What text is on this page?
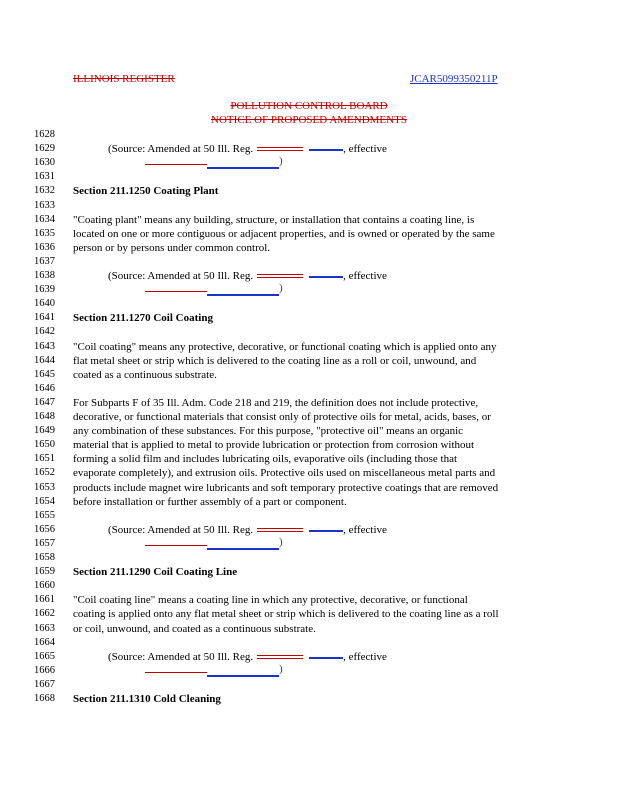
ILLINOIS REGISTER	JCAR5099350211P
POLLUTION CONTROL BOARD
NOTICE OF PROPOSED AMENDMENTS
1628
1629	(Source: Amended at 50 Ill. Reg.	, effective
1630	)
1631
1632 Section 211.1250 Coating Plant
1633
1634 "Coating plant" means any building, structure, or installation that contains a coating line, is
1635 located on one or more contiguous or adjacent properties, and is owned or operated by the same
1636 person or by persons under common control.
1637
1638	(Source: Amended at 50 Ill. Reg.	, effective
1639	)
1640
1641 Section 211.1270 Coil Coating
1642
1643 "Coil coating" means any protective, decorative, or functional coating which is applied onto any
1644 flat metal sheet or strip which is delivered to the coating line as a roll or coil, unwound, and
1645 coated as a continuous substrate.
1646
1647 For Subparts F of 35 Ill. Adm. Code 218 and 219, the definition does not include protective,
1648 decorative, or functional materials that consist only of protective oils for metal, acids, bases, or
1649 any combination of these substances. For this purpose, "protective oil" means an organic
1650 material that is applied to metal to provide lubrication or protection from corrosion without
1651 forming a solid film and includes lubricating oils, evaporative oils (including those that
1652 evaporate completely), and extrusion oils. Protective oils used on miscellaneous metal parts and
1653 products include magnet wire lubricants and soft temporary protective coatings that are removed
1654 before installation or further assembly of a part or component.
1655
1656	(Source: Amended at 50 Ill. Reg.	, effective
1657	)
1658
1659 Section 211.1290 Coil Coating Line
1660
1661 "Coil coating line" means a coating line in which any protective, decorative, or functional
1662 coating is applied onto any flat metal sheet or strip which is delivered to the coating line as a roll
1663 or coil, unwound, and coated as a continuous substrate.
1664
1665	(Source: Amended at 50 Ill. Reg.	, effective
1666	)
1667
1668 Section 211.1310 Cold Cleaning
